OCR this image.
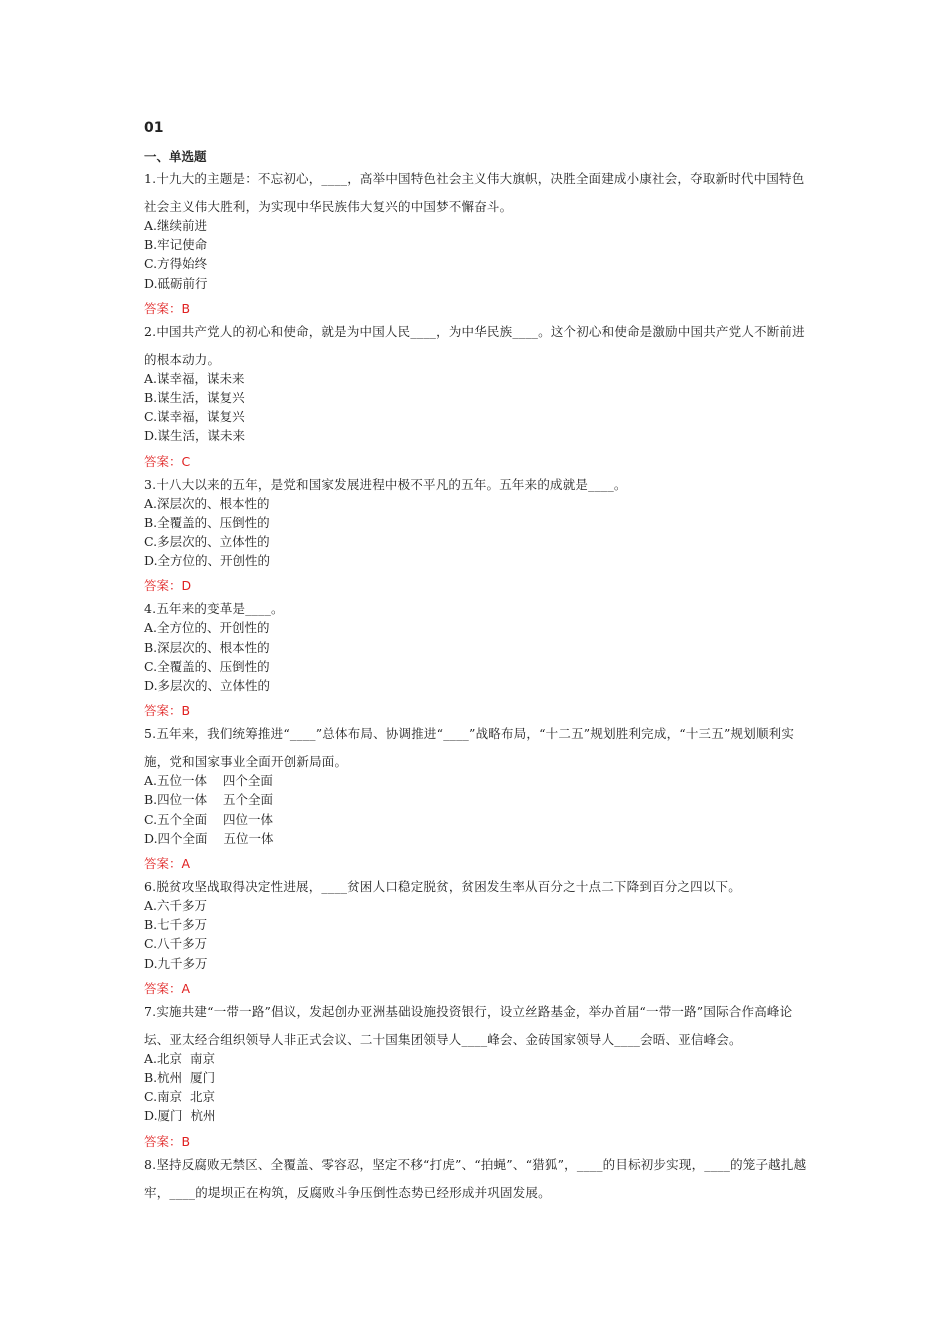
01
一、单选题
1.十九大的主题是：不忘初心，____，高举中国特色社会主义伟大旗帜，决胜全面建成小康社会，夺取新时代中国特色社会主义伟大胜利，为实现中华民族伟大复兴的中国梦不懈奋斗。
A.继续前进
B.牢记使命
C.方得始终
D.砥砺前行
答案：B
2.中国共产党人的初心和使命，就是为中国人民____，为中华民族____。这个初心和使命是激励中国共产党人不断前进的根本动力。
A.谋幸福，谋未来
B.谋生活，谋复兴
C.谋幸福，谋复兴
D.谋生活，谋未来
答案：C
3.十八大以来的五年，是党和国家发展进程中极不平凡的五年。五年来的成就是____。
A.深层次的、根本性的
B.全覆盖的、压倒性的
C.多层次的、立体性的
D.全方位的、开创性的
答案：D
4.五年来的变革是____。
A.全方位的、开创性的
B.深层次的、根本性的
C.全覆盖的、压倒性的
D.多层次的、立体性的
答案：B
5.五年来，我们统筹推进“____”总体布局、协调推进“____”战略布局，“十二五”规划胜利完成，“十三五”规划顺利实施，党和国家事业全面开创新局面。
A.五位一体    四个全面
B.四位一体    五个全面
C.五个全面    四位一体
D.四个全面    五位一体
答案：A
6.脱贫攻坚战取得决定性进展，____贫困人口稳定脱贫，贫困发生率从百分之十点二下降到百分之四以下。
A.六千多万
B.七千多万
C.八千多万
D.九千多万
答案：A
7.实施共建“一带一路”倡议，发起创办亚洲基础设施投资银行，设立丝路基金，举办首届“一带一路”国际合作高峰论坛、亚太经合组织领导人非正式会议、二十国集团领导人____峰会、金砖国家领导人____会晤、亚信峰会。
A.北京  南京
B.杭州  厦门
C.南京  北京
D.厦门  杭州
答案：B
8.坚持反腐败无禁区、全覆盖、零容忍，坚定不移“打虎”、“拍蝇”、“猎狐”，____的目标初步实现，____的笼子越扎越牢，____的堤坝正在构筑，反腐败斗争压倒性态势已经形成并巩固发展。
